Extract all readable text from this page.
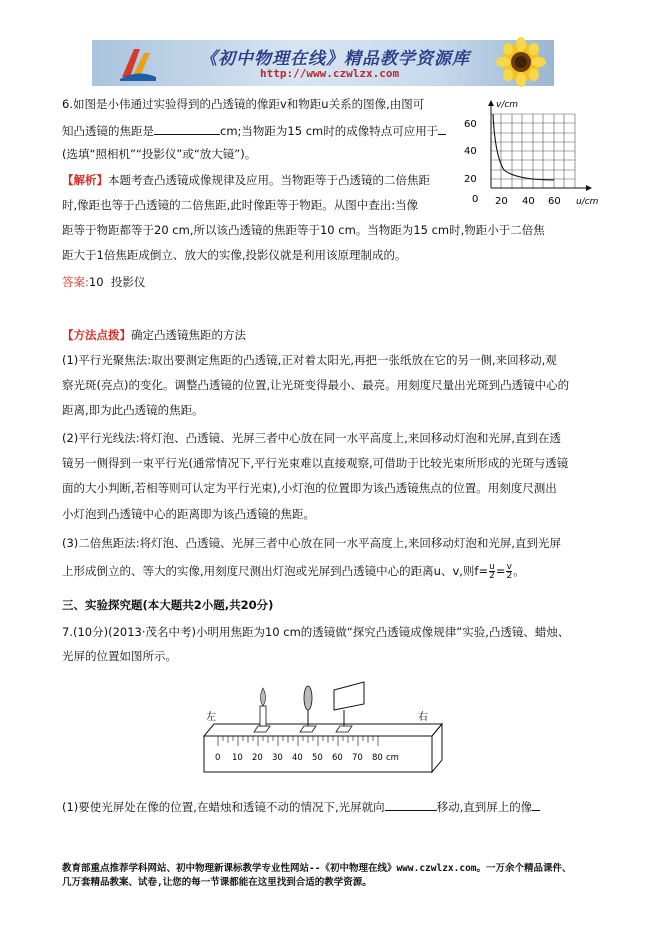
《初中物理在线》精品教学资源库
http://www.czwlzx.com
6.如图是小伟通过实验得到的凸透镜的像距v和物距u关系的图像,由图可
知凸透镜的焦距是	cm;当物距为15 cm时的成像特点可应用于
(选填“照相机”“投影仪”或“放大镜”)。
【解析】本题考查凸透镜成像规律及应用。当物距等于凸透镜的二倍焦距
时,像距也等于凸透镜的二倍焦距,此时像距等于物距。从图中查出:当像
距等于物距都等于20 cm,所以该凸透镜的焦距等于10 cm。当物距为15 cm时,物距小于二倍焦
距大于1倍焦距成倒立、放大的实像,投影仪就是利用该原理制成的。
答案:10 投影仪
v/cm
u/cm
0
20
40
60
20 40 60
【方法点拨】确定凸透镜焦距的方法
(1)平行光聚焦法:取出要测定焦距的凸透镜,正对着太阳光,再把一张纸放在它的另一侧,来回移动,观
察光斑(亮点)的变化。调整凸透镜的位置,让光斑变得最小、最亮。用刻度尺量出光斑到凸透镜中心的
距离,即为此凸透镜的焦距。
(2)平行光线法:将灯泡、凸透镜、光屏三者中心放在同一水平高度上,来回移动灯泡和光屏,直到在透
镜另一侧得到一束平行光(通常情况下,平行光束难以直接观察,可借助于比较光束所形成的光斑与透镜
面的大小判断,若相等则可认定为平行光束),小灯泡的位置即为该凸透镜焦点的位置。用刻度尺测出
小灯泡到凸透镜中心的距离即为该凸透镜的焦距。
(3)二倍焦距法:将灯泡、凸透镜、光屏三者中心放在同一水平高度上,来回移动灯泡和光屏,直到光屏
上形成倒立的、等大的实像,用刻度尺测出灯泡或光屏到凸透镜中心的距离u、v,则$f= \frac{u}{2} = \frac{v}{2}$ 。
三、实验探究题(本大题共2小题,共20分)
7.(10分)(2013·茂名中考)小明用焦距为10 cm的透镜做“探究凸透镜成像规律”实验,凸透镜、蜡烛、
光屏的位置如图所示。
左	右
0 10 20 30 40 50 60 70 80 cm
(1)要使光屏处在像的位置,在蜡烛和透镜不动的情况下,光屏就向	移动,直到屏上的像
教育部重点推荐学科网站、初中物理新课标教学专业性网站--《初中物理在线》www.czwlzx.com。一万余个精品课件、
几万套精品教案、试卷,让您的每一节课都能在这里找到合适的教学资源。
